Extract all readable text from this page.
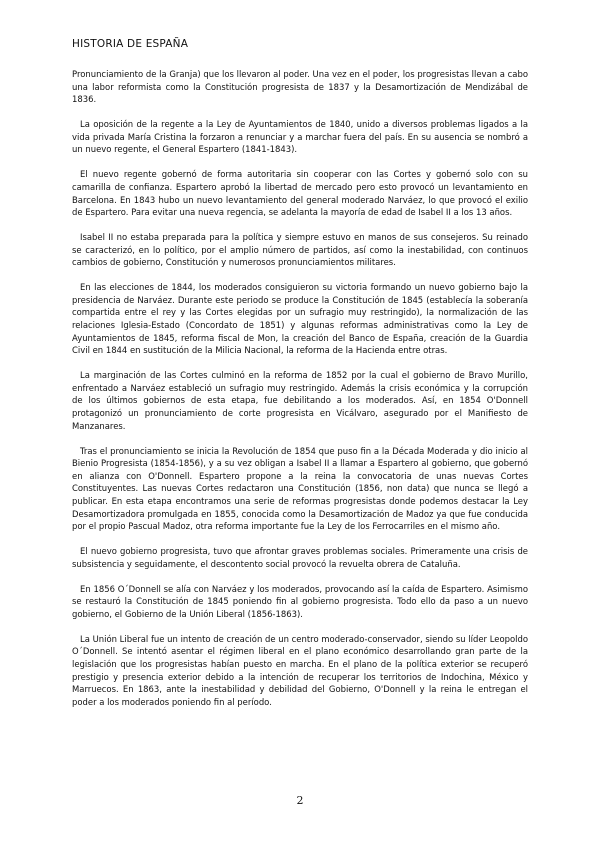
HISTORIA DE ESPAÑA

Pronunciamiento de la Granja) que los llevaron al poder. Una vez en el poder, los progresistas llevan a cabo una labor reformista como la Constitución progresista de 1837 y la Desamortización de Mendizábal de 1836.

La oposición de la regente a la Ley de Ayuntamientos de 1840, unido a diversos problemas ligados a la vida privada María Cristina la forzaron a renunciar y a marchar fuera del país. En su ausencia se nombró a un nuevo regente, el General Espartero (1841-1843).

El nuevo regente gobernó de forma autoritaria sin cooperar con las Cortes y gobernó solo con su camarilla de confianza. Espartero aprobó la libertad de mercado pero esto provocó un levantamiento en Barcelona. En 1843 hubo un nuevo levantamiento del general moderado Narváez, lo que provocó el exilio de Espartero. Para evitar una nueva regencia, se adelanta la mayoría de edad de Isabel II a los 13 años.

Isabel II no estaba preparada para la política y siempre estuvo en manos de sus consejeros. Su reinado se caracterizó, en lo político, por el amplio número de partidos, así como la inestabilidad, con continuos cambios de gobierno, Constitución y numerosos pronunciamientos militares.

En las elecciones de 1844, los moderados consiguieron su victoria formando un nuevo gobierno bajo la presidencia de Narváez. Durante este periodo se produce la Constitución de 1845 (establecía la soberanía compartida entre el rey y las Cortes elegidas por un sufragio muy restringido), la normalización de las relaciones Iglesia-Estado (Concordato de 1851) y algunas reformas administrativas como la Ley de Ayuntamientos de 1845, reforma fiscal de Mon, la creación del Banco de España, creación de la Guardia Civil en 1844 en sustitución de la Milicia Nacional, la reforma de la Hacienda entre otras.

La marginación de las Cortes culminó en la reforma de 1852 por la cual el gobierno de Bravo Murillo, enfrentado a Narváez estableció un sufragio muy restringido. Además la crisis económica y la corrupción de los últimos gobiernos de esta etapa, fue debilitando a los moderados. Así, en 1854 O'Donnell protagonizó un pronunciamiento de corte progresista en Vicálvaro, asegurado por el Manifiesto de Manzanares.

Tras el pronunciamiento se inicia la Revolución de 1854 que puso fin a la Década Moderada y dio inicio al Bienio Progresista (1854-1856), y a su vez obligan a Isabel II a llamar a Espartero al gobierno, que gobernó en alianza con O'Donnell. Espartero propone a la reina la convocatoria de unas nuevas Cortes Constituyentes. Las nuevas Cortes redactaron una Constitución (1856, non data) que nunca se llegó a publicar. En esta etapa encontramos una serie de reformas progresistas donde podemos destacar la Ley Desamortizadora promulgada en 1855, conocida como la Desamortización de Madoz ya que fue conducida por el propio Pascual Madoz, otra reforma importante fue la Ley de los Ferrocarriles en el mismo año.

El nuevo gobierno progresista, tuvo que afrontar graves problemas sociales. Primeramente una crisis de subsistencia y seguidamente, el descontento social provocó la revuelta obrera de Cataluña.

En 1856 O´Donnell se alía con Narváez y los moderados, provocando así la caída de Espartero. Asimismo se restauró la Constitución de 1845 poniendo fin al gobierno progresista. Todo ello da paso a un nuevo gobierno, el Gobierno de la Unión Liberal (1856-1863).

La Unión Liberal fue un intento de creación de un centro moderado-conservador, siendo su líder Leopoldo O´Donnell. Se intentó asentar el régimen liberal en el plano económico desarrollando gran parte de la legislación que los progresistas habían puesto en marcha. En el plano de la política exterior se recuperó prestigio y presencia exterior debido a la intención de recuperar los territorios de Indochina, México y Marruecos. En 1863, ante la inestabilidad y debilidad del Gobierno, O'Donnell y la reina le entregan el poder a los moderados poniendo fin al período.

2
